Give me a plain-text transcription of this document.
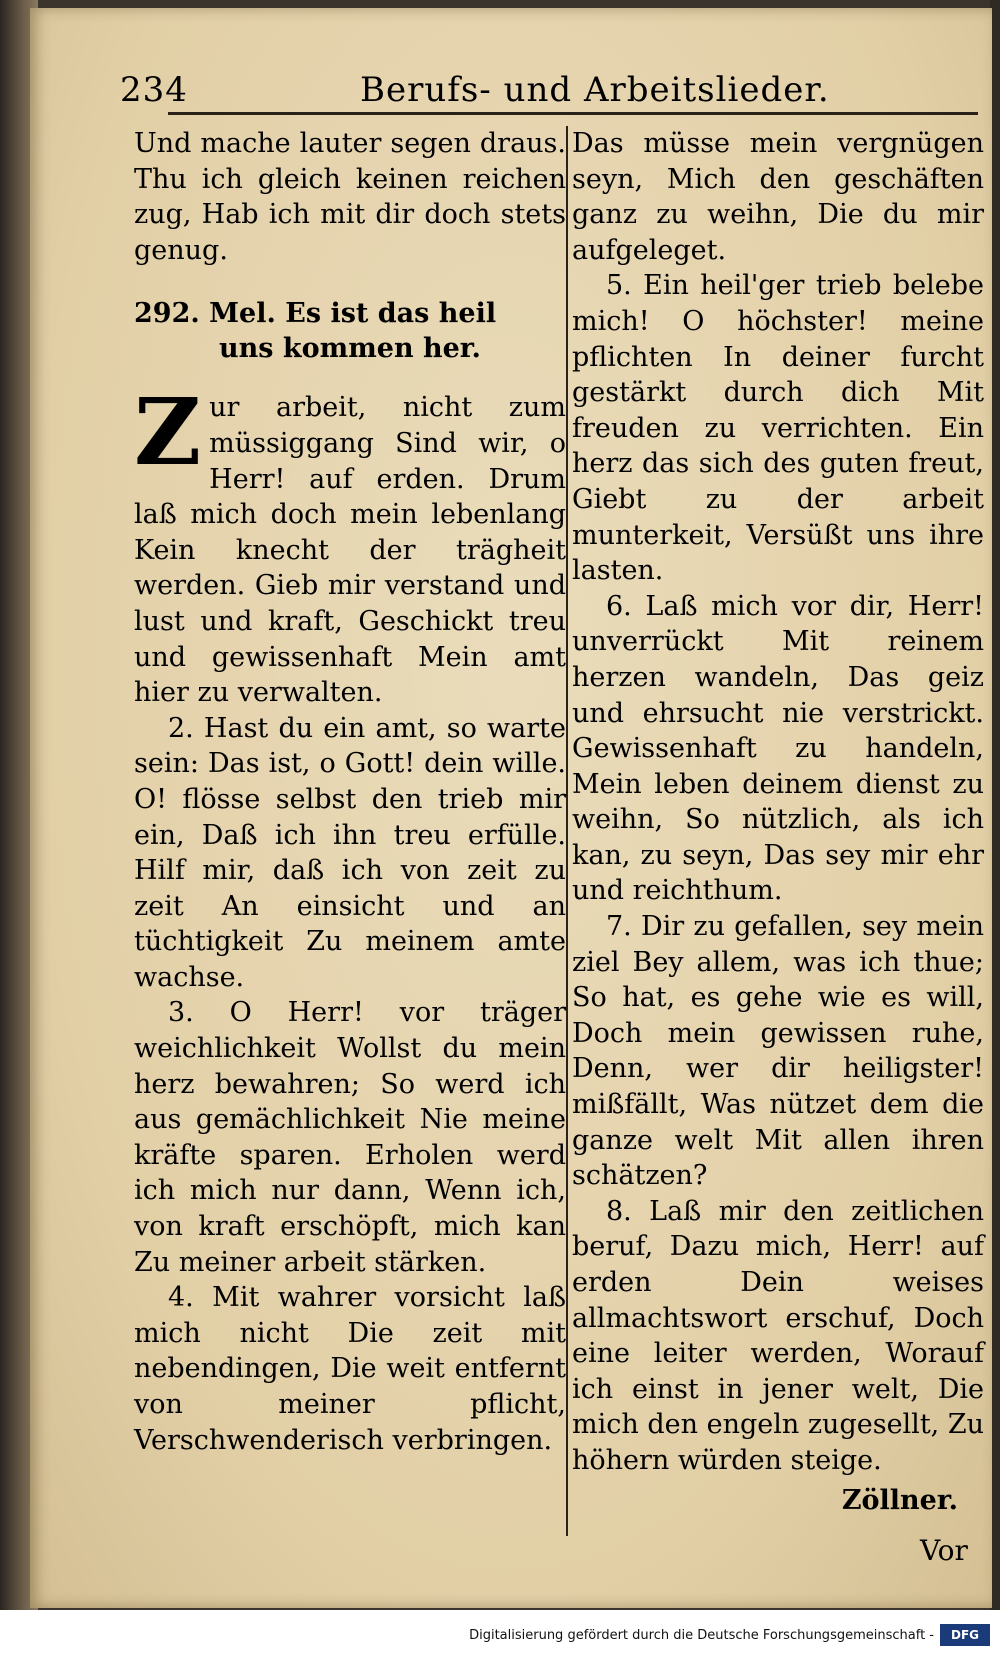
234	Berufs- und Arbeitslieder.

Und mache lauter segen draus. Thu ich gleich keinen reichen zug, Hab ich mit dir doch stets genug.

292. Mel. Es ist das heil
uns kommen her.

Zur arbeit, nicht zum müssiggang Sind wir, o Herr! auf erden. Drum laß mich doch mein lebenlang Kein knecht der trägheit werden. Gieb mir verstand und lust und kraft, Geschickt treu und gewissenhaft Mein amt hier zu verwalten.

2. Hast du ein amt, so warte sein: Das ist, o Gott! dein wille. O! flösse selbst den trieb mir ein, Daß ich ihn treu erfülle. Hilf mir, daß ich von zeit zu zeit An einsicht und an tüchtigkeit Zu meinem amte wachse.

3. O Herr! vor träger weichlichkeit Wollst du mein herz bewahren; So werd ich aus gemächlichkeit Nie meine kräfte sparen. Erholen werd ich mich nur dann, Wenn ich, von kraft erschöpft, mich kan Zu meiner arbeit stärken.

4. Mit wahrer vorsicht laß mich nicht Die zeit mit nebendingen, Die weit entfernt von meiner pflicht, Verschwenderisch verbringen.

Das müsse mein vergnügen seyn, Mich den geschäften ganz zu weihn, Die du mir aufgeleget.

5. Ein heil'ger trieb belebe mich! O höchster! meine pflichten In deiner furcht gestärkt durch dich Mit freuden zu verrichten. Ein herz das sich des guten freut, Giebt zu der arbeit munterkeit, Versüßt uns ihre lasten.

6. Laß mich vor dir, Herr! unverrückt Mit reinem herzen wandeln, Das geiz und ehrsucht nie verstrickt. Gewissenhaft zu handeln, Mein leben deinem dienst zu weihn, So nützlich, als ich kan, zu seyn, Das sey mir ehr und reichthum.

7. Dir zu gefallen, sey mein ziel Bey allem, was ich thue; So hat, es gehe wie es will, Doch mein gewissen ruhe, Denn, wer dir heiligster! mißfällt, Was nützet dem die ganze welt Mit allen ihren schätzen?

8. Laß mir den zeitlichen beruf, Dazu mich, Herr! auf erden Dein weises allmachtswort erschuf, Doch eine leiter werden, Worauf ich einst in jener welt, Die mich den engeln zugesellt, Zu höhern würden steige.

Zöllner.

Vor
Digitalisierung gefördert durch die Deutsche Forschungsgemeinschaft -	DFG
